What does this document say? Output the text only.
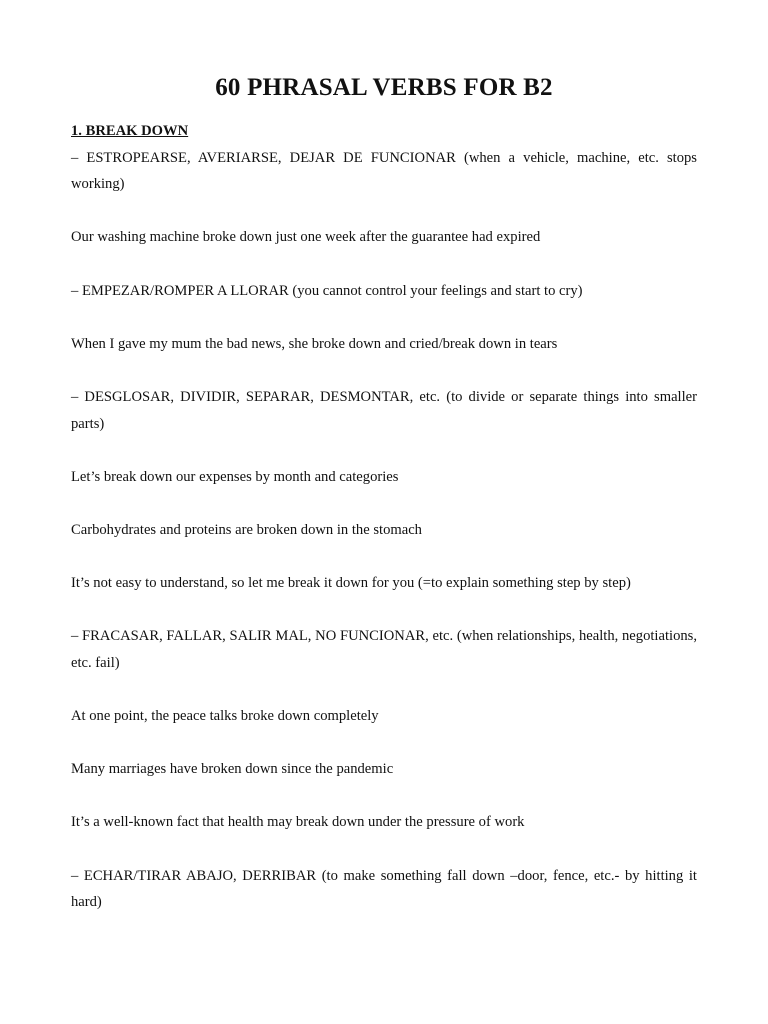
60 PHRASAL VERBS FOR B2

1. BREAK DOWN

– ESTROPEARSE, AVERIARSE, DEJAR DE FUNCIONAR (when a vehicle, machine, etc. stops working)

Our washing machine broke down just one week after the guarantee had expired

– EMPEZAR/ROMPER A LLORAR (you cannot control your feelings and start to cry)

When I gave my mum the bad news, she broke down and cried/break down in tears

– DESGLOSAR, DIVIDIR, SEPARAR, DESMONTAR, etc. (to divide or separate things into smaller parts)

Let’s break down our expenses by month and categories

Carbohydrates and proteins are broken down in the stomach

It’s not easy to understand, so let me break it down for you (=to explain something step by step)

– FRACASAR, FALLAR, SALIR MAL, NO FUNCIONAR, etc. (when relationships, health, negotiations, etc. fail)

At one point, the peace talks broke down completely

Many marriages have broken down since the pandemic

It’s a well-known fact that health may break down under the pressure of work

– ECHAR/TIRAR ABAJO, DERRIBAR (to make something fall down –door, fence, etc.- by hitting it hard)
